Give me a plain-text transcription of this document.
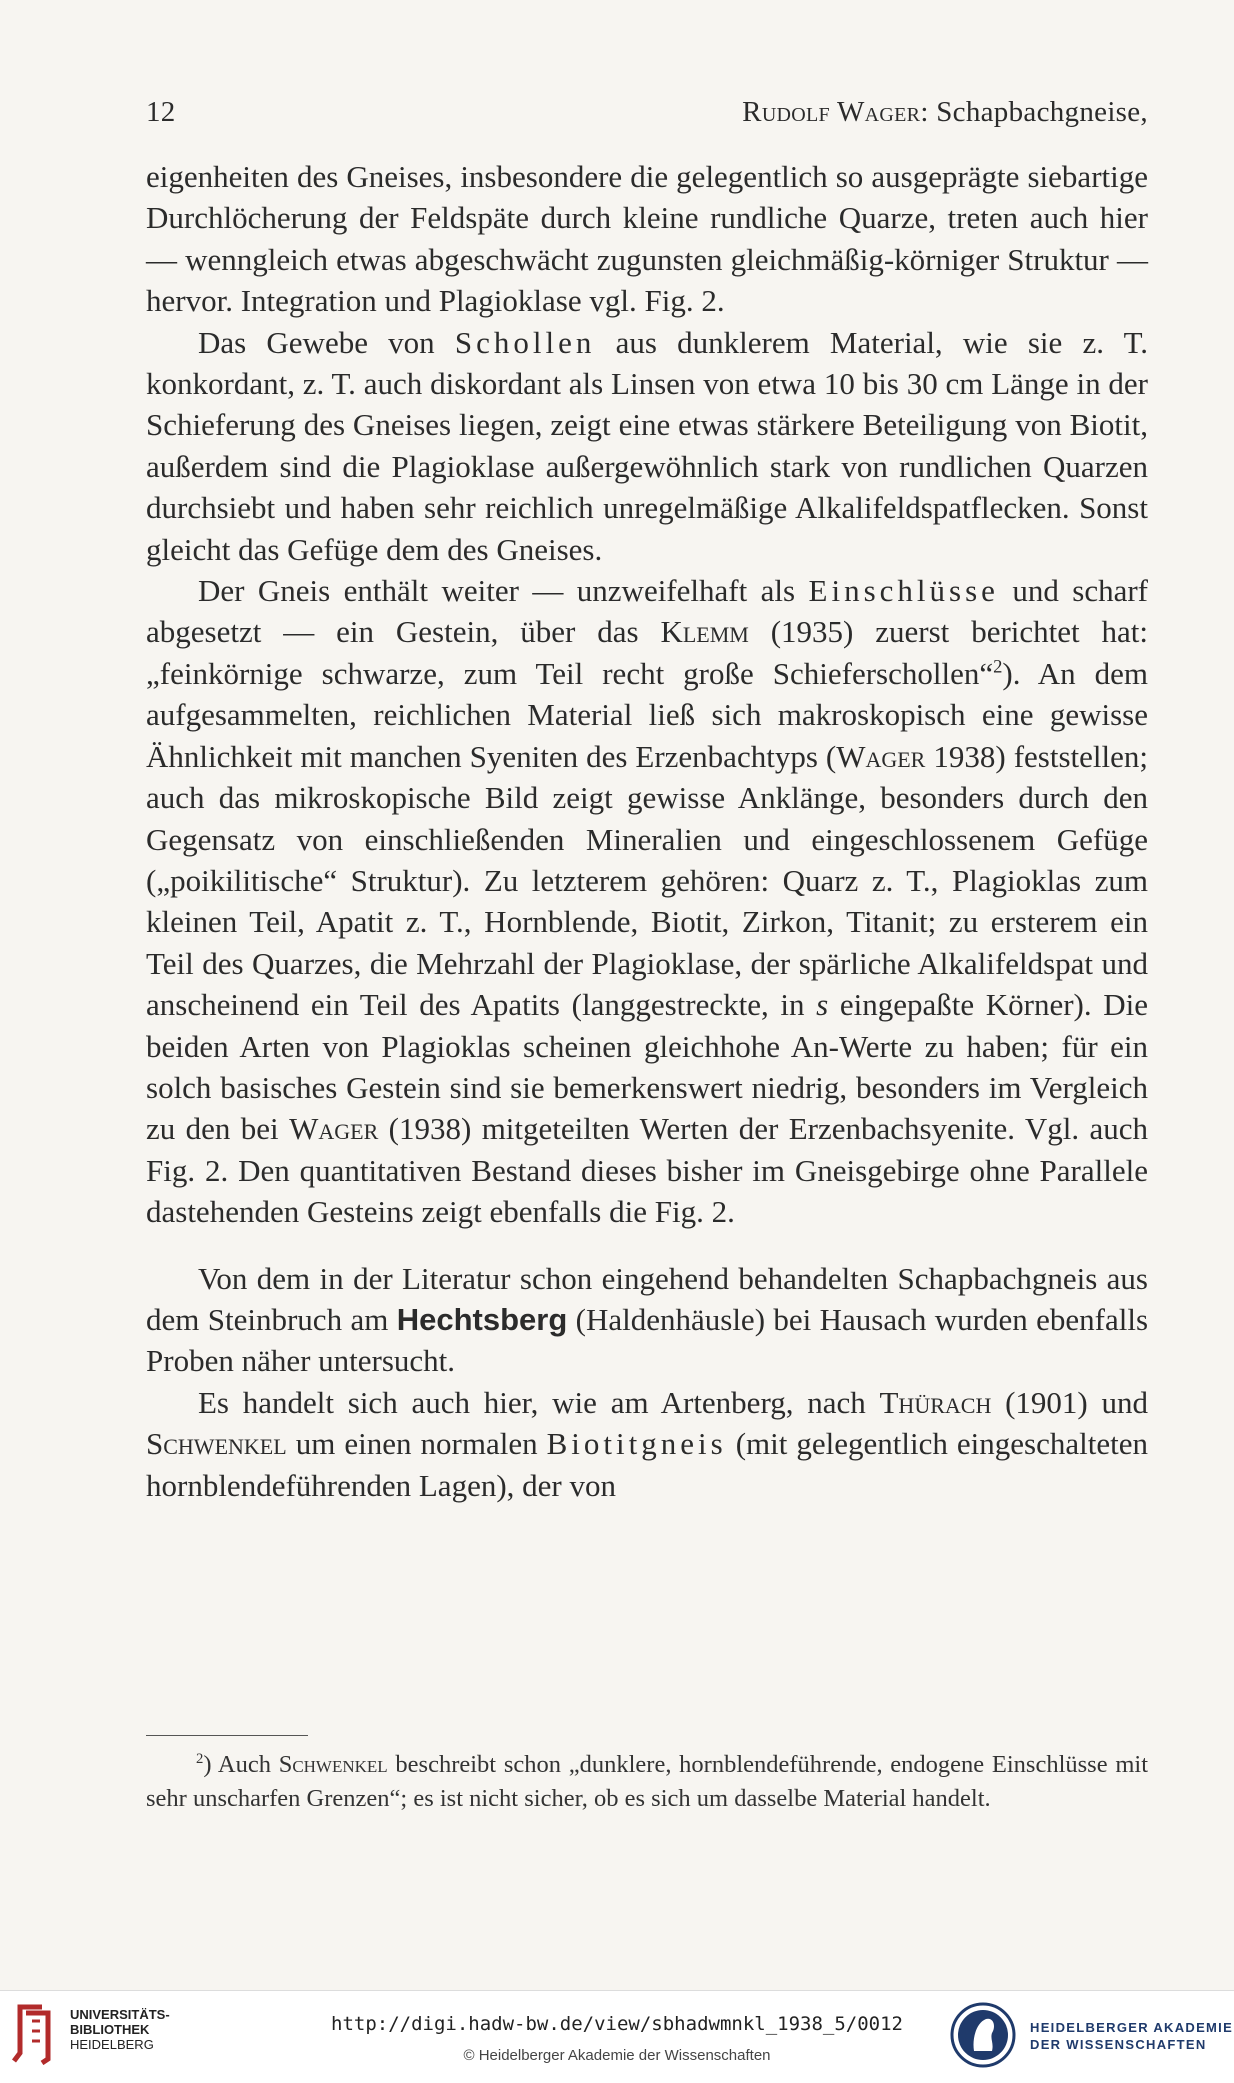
12	Rudolf Wager: Schapbachgneise,

eigenheiten des Gneises, insbesondere die gelegentlich so ausgeprägte siebartige Durchlöcherung der Feldspäte durch kleine rundliche Quarze, treten auch hier — wenngleich etwas abgeschwächt zugunsten gleichmäßig-körniger Struktur — hervor. Integration und Plagioklase vgl. Fig. 2.

Das Gewebe von Schollen aus dunklerem Material, wie sie z. T. konkordant, z. T. auch diskordant als Linsen von etwa 10 bis 30 cm Länge in der Schieferung des Gneises liegen, zeigt eine etwas stärkere Beteiligung von Biotit, außerdem sind die Plagioklase außergewöhnlich stark von rundlichen Quarzen durchsiebt und haben sehr reichlich unregelmäßige Alkalifeldspatflecken. Sonst gleicht das Gefüge dem des Gneises.

Der Gneis enthält weiter — unzweifelhaft als Einschlüsse und scharf abgesetzt — ein Gestein, über das Klemm (1935) zuerst berichtet hat: „feinkörnige schwarze, zum Teil recht große Schieferschollen“$^2$). An dem aufgesammelten, reichlichen Material ließ sich makroskopisch eine gewisse Ähnlichkeit mit manchen Syeniten des Erzenbachtyps (Wager 1938) feststellen; auch das mikroskopische Bild zeigt gewisse Anklänge, besonders durch den Gegensatz von einschließenden Mineralien und eingeschlossenem Gefüge („poikilitische“ Struktur). Zu letzterem gehören: Quarz z. T., Plagioklas zum kleinen Teil, Apatit z. T., Hornblende, Biotit, Zirkon, Titanit; zu ersterem ein Teil des Quarzes, die Mehrzahl der Plagioklase, der spärliche Alkalifeldspat und anscheinend ein Teil des Apatits (langgestreckte, in s eingepaßte Körner). Die beiden Arten von Plagioklas scheinen gleichhohe An-Werte zu haben; für ein solch basisches Gestein sind sie bemerkenswert niedrig, besonders im Vergleich zu den bei Wager (1938) mitgeteilten Werten der Erzenbachsyenite. Vgl. auch Fig. 2. Den quantitativen Bestand dieses bisher im Gneisgebirge ohne Parallele dastehenden Gesteins zeigt ebenfalls die Fig. 2.

Von dem in der Literatur schon eingehend behandelten Schapbachgneis aus dem Steinbruch am Hechtsberg (Haldenhäusle) bei Hausach wurden ebenfalls Proben näher untersucht.

Es handelt sich auch hier, wie am Artenberg, nach Thürach (1901) und Schwenkel um einen normalen Biotitgneis (mit gelegentlich eingeschalteten hornblendeführenden Lagen), der von

$^2$) Auch Schwenkel beschreibt schon „dunklere, hornblendeführende, endogene Einschlüsse mit sehr unscharfen Grenzen“; es ist nicht sicher, ob es sich um dasselbe Material handelt.
UNIVERSITÄTS-
BIBLIOTHEK
HEIDELBERG
http://digi.hadw-bw.de/view/sbhadwmnkl_1938_5/0012
© Heidelberger Akademie der Wissenschaften
HEIDELBERGER AKADEMIE
DER WISSENSCHAFTEN
